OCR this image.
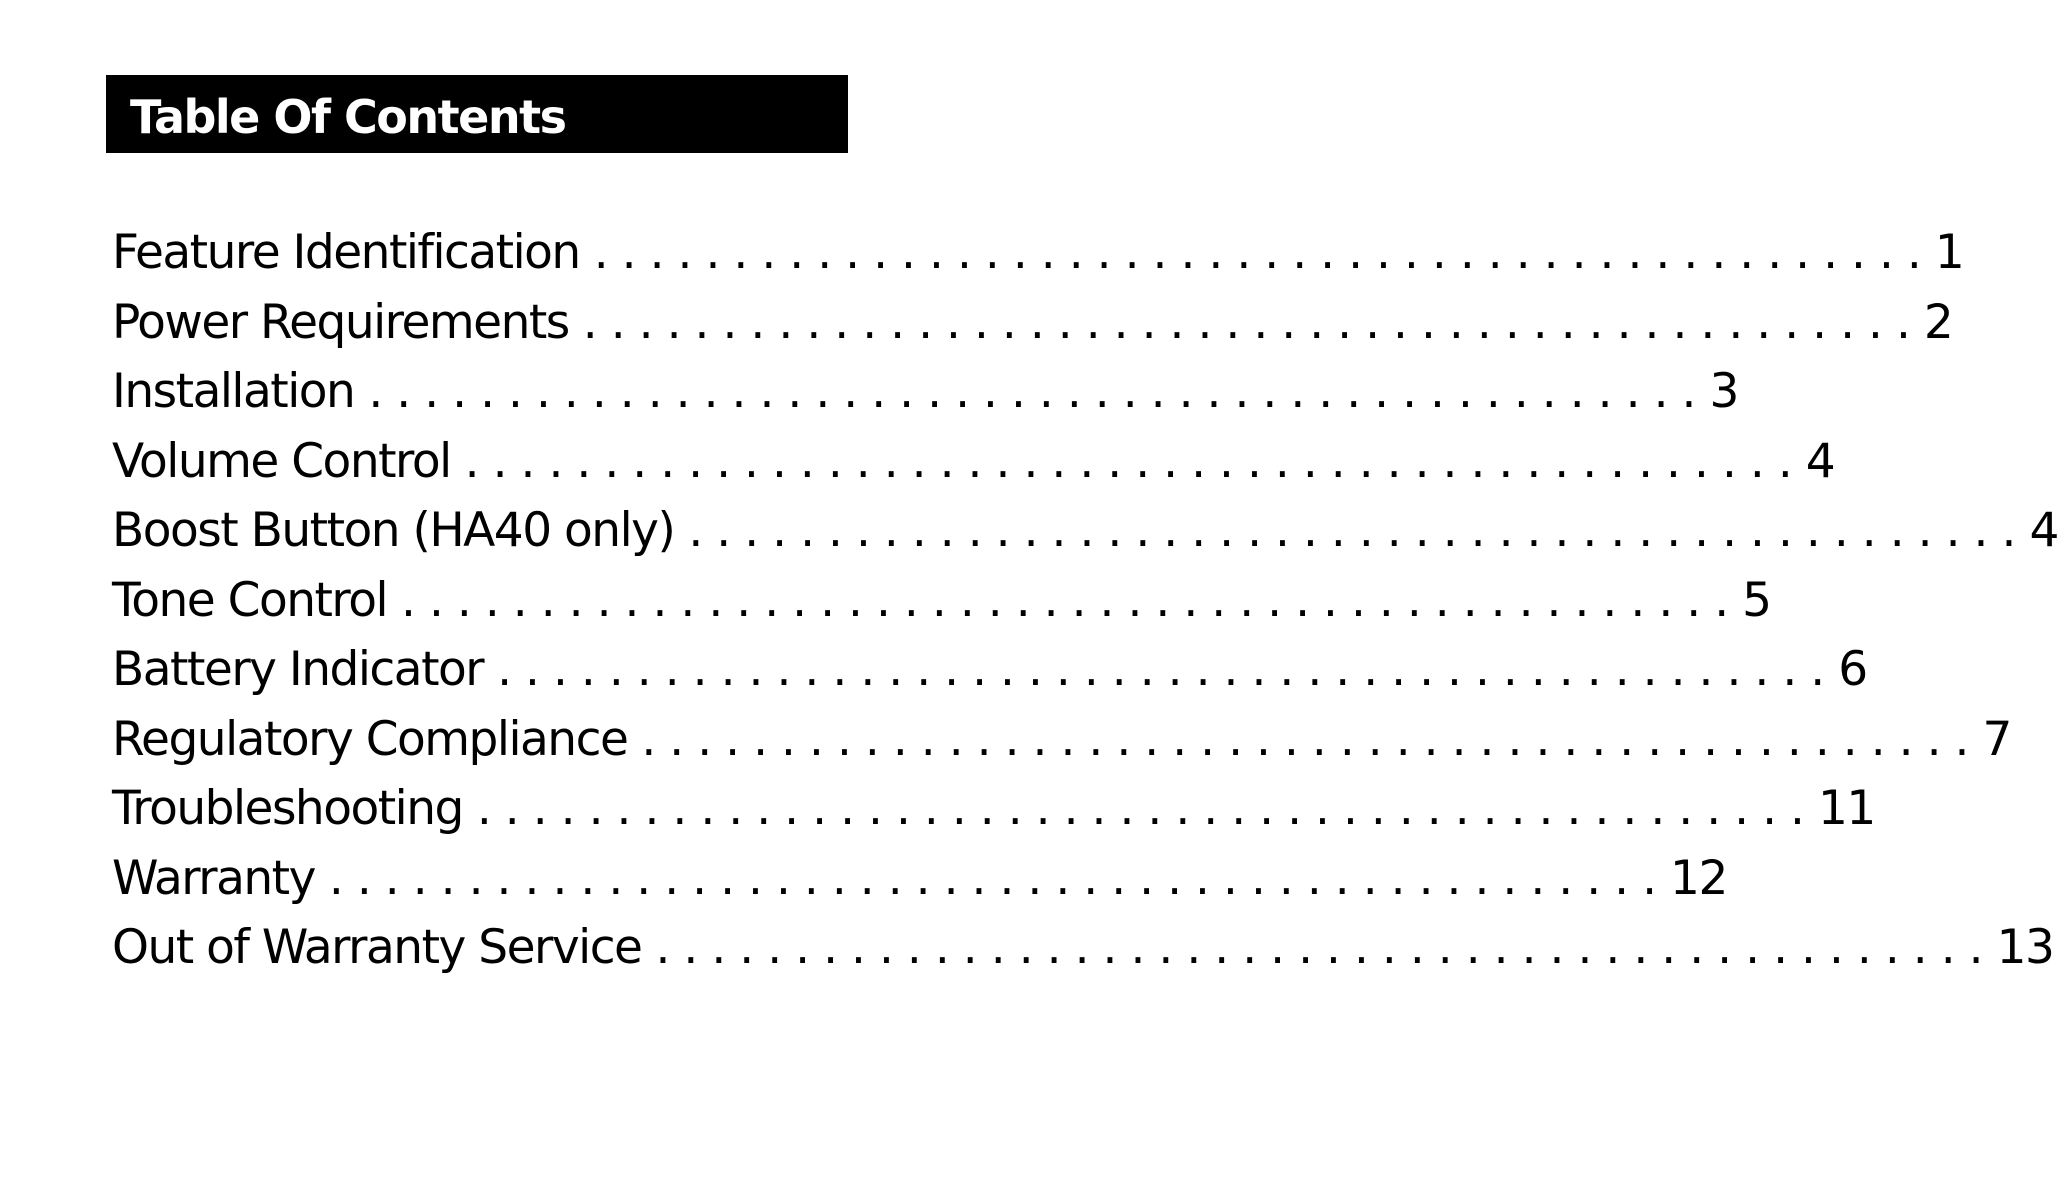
Table Of Contents
Feature Identification ................................................ 1
Power Requirements ................................................ 2
Installation ................................................ 3
Volume Control ................................................ 4
Boost Button (HA40 only) ................................................ 4
Tone Control ................................................ 5
Battery Indicator ................................................ 6
Regulatory Compliance ................................................ 7
Troubleshooting ................................................ 11
Warranty ................................................ 12
Out of Warranty Service ................................................ 13
